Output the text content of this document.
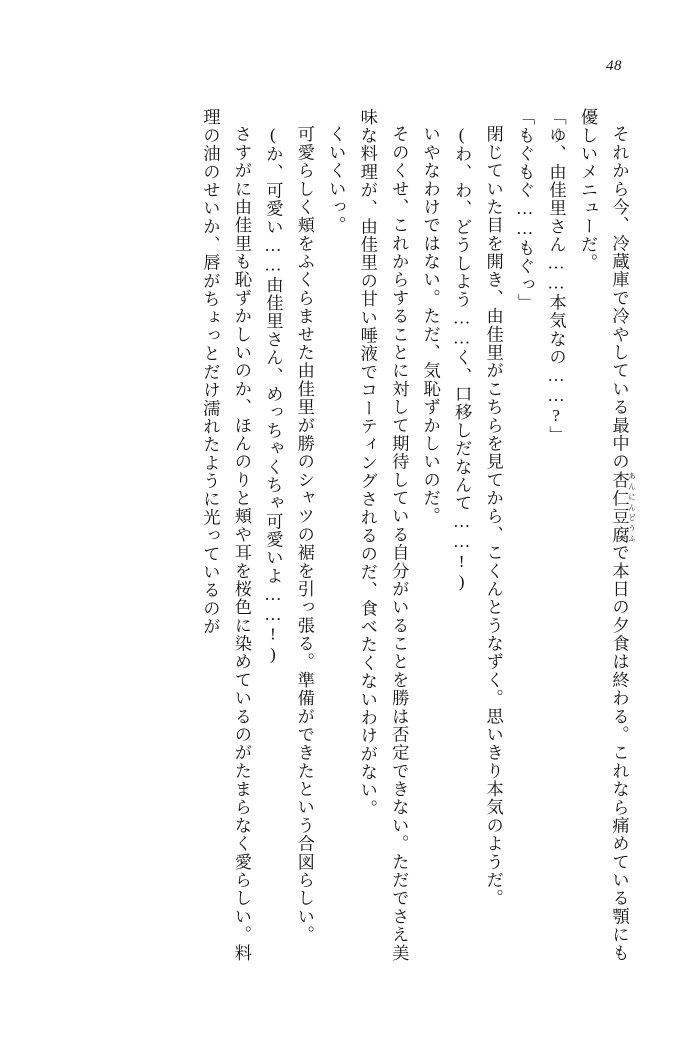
48

それから今、冷蔵庫で冷やしている最中の杏仁豆腐 あんにんどうふで本日の夕食は終わる。これなら痛めている顎にも優しいメニューだ。

「ゆ、由佳里さん……本気なの……?」

「もぐもぐ……もぐっ」

閉じていた目を開き、由佳里がこちらを見てから、こくんとうなずく。思いきり本気のようだ。

(わ、わ、どうしよう……く、口移しだなんて……!)

いやなわけではない。ただ、気恥ずかしいのだ。

そのくせ、これからすることに対して期待している自分がいることを勝は否定できない。ただでさえ美味な料理が、由佳里の甘い唾液でコーティングされるのだ、食べたくないわけがない。

くいくいっ。

可愛らしく頬をふくらませた由佳里が勝のシャツの裾を引っ張る。準備ができたという合図らしい。

(か、可愛い……由佳里さん、めっちゃくちゃ可愛いよ……!)

さすがに由佳里も恥ずかしいのか、ほんのりと頬や耳を桜色に染めているのがたまらなく愛らしい。料理の油のせいか、唇がちょっとだけ濡れたように光っているのが
